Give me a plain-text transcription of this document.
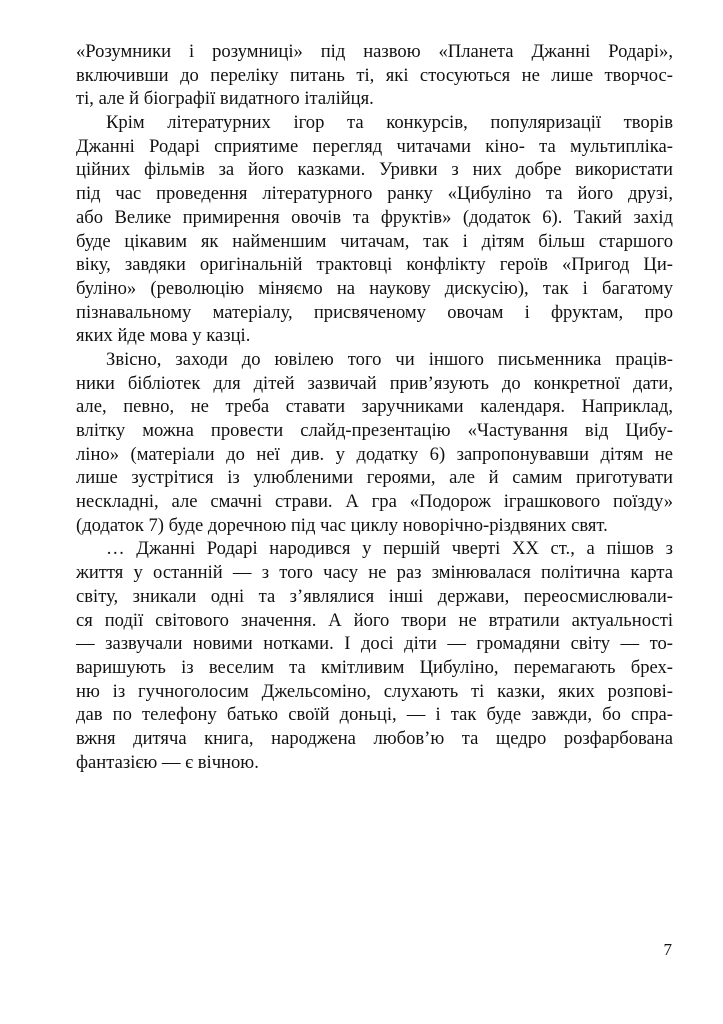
«Розумники і розумниці» під назвою «Планета Джанні Родарі»,
включивши до переліку питань ті, які стосуються не лише творчос-
ті, але й біографії видатного італійця.
Крім літературних ігор та конкурсів, популяризації творів
Джанні Родарі сприятиме перегляд читачами кіно- та мультипліка-
ційних фільмів за його казками. Уривки з них добре використати
під час проведення літературного ранку «Цибуліно та його друзі,
або Велике примирення овочів та фруктів» (додаток 6). Такий захід
буде цікавим як найменшим читачам, так і дітям більш старшого
віку, завдяки оригінальній трактовці конфлікту героїв «Пригод Ци-
буліно» (революцію міняємо на наукову дискусію), так і багатому
пізнавальному матеріалу, присвяченому овочам і фруктам, про
яких йде мова у казці.
Звісно, заходи до ювілею того чи іншого письменника праців-
ники бібліотек для дітей зазвичай прив’язують до конкретної дати,
але, певно, не треба ставати заручниками календаря. Наприклад,
влітку можна провести слайд-презентацію «Частування від Цибу-
ліно» (матеріали до неї див. у додатку 6) запропонувавши дітям не
лише зустрітися із улюбленими героями, але й самим приготувати
нескладні, але смачні страви. А гра «Подорож іграшкового поїзду»
(додаток 7) буде доречною під час циклу новорічно-різдвяних свят.
… Джанні Родарі народився у першій чверті ХХ ст., а пішов з
життя у останній — з того часу не раз змінювалася політична карта
світу, зникали одні та з’являлися інші держави, переосмислювали-
ся події світового значення. А його твори не втратили актуальності
— зазвучали новими нотками. І досі діти — громадяни світу — то-
варишують із веселим та кмітливим Цибуліно, перемагають брех-
ню із гучноголосим Джельсоміно, слухають ті казки, яких розпові-
дав по телефону батько своїй доньці, — і так буде завжди, бо спра-
вжня дитяча книга, народжена любов’ю та щедро розфарбована
фантазією — є вічною.
7
